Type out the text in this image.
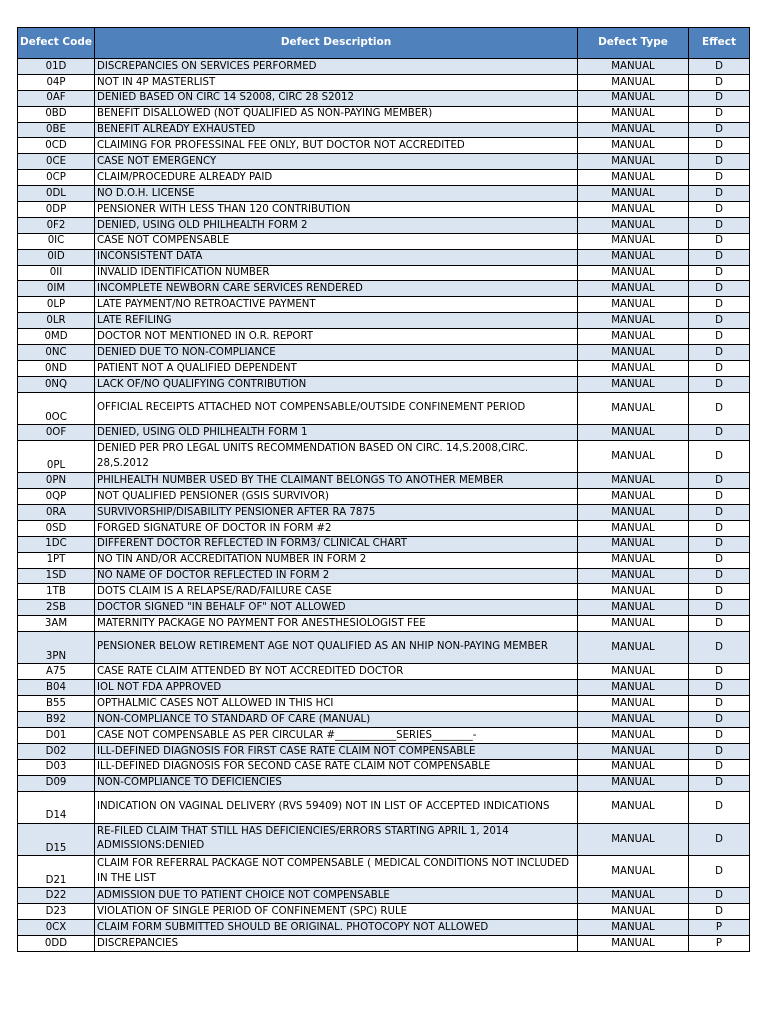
Defect Code	Defect Description	Defect Type	Effect
01D	DISCREPANCIES ON SERVICES PERFORMED	MANUAL	D
04P	NOT IN 4P MASTERLIST	MANUAL	D
0AF	DENIED BASED ON CIRC 14 S2008, CIRC 28 S2012	MANUAL	D
0BD	BENEFIT DISALLOWED (NOT QUALIFIED AS NON-PAYING MEMBER)	MANUAL	D
0BE	BENEFIT ALREADY EXHAUSTED	MANUAL	D
0CD	CLAIMING FOR PROFESSINAL FEE ONLY, BUT DOCTOR NOT ACCREDITED	MANUAL	D
0CE	CASE NOT EMERGENCY	MANUAL	D
0CP	CLAIM/PROCEDURE ALREADY PAID	MANUAL	D
0DL	NO D.O.H. LICENSE	MANUAL	D
0DP	PENSIONER WITH LESS THAN 120 CONTRIBUTION	MANUAL	D
0F2	DENIED, USING OLD PHILHEALTH FORM 2	MANUAL	D
0IC	CASE NOT COMPENSABLE	MANUAL	D
0ID	INCONSISTENT DATA	MANUAL	D
0II	INVALID IDENTIFICATION NUMBER	MANUAL	D
0IM	INCOMPLETE NEWBORN CARE SERVICES RENDERED	MANUAL	D
0LP	LATE PAYMENT/NO RETROACTIVE PAYMENT	MANUAL	D
0LR	LATE REFILING	MANUAL	D
0MD	DOCTOR NOT MENTIONED IN O.R. REPORT	MANUAL	D
0NC	DENIED DUE TO NON-COMPLIANCE	MANUAL	D
0ND	PATIENT NOT A QUALIFIED DEPENDENT	MANUAL	D
0NQ	LACK OF/NO QUALIFYING CONTRIBUTION	MANUAL	D
0OC	OFFICIAL RECEIPTS ATTACHED NOT COMPENSABLE/OUTSIDE CONFINEMENT PERIOD	MANUAL	D
0OF	DENIED, USING OLD PHILHEALTH FORM 1	MANUAL	D
0PL	DENIED PER PRO LEGAL UNITS RECOMMENDATION BASED ON CIRC. 14,S.2008,CIRC. 28,S.2012	MANUAL	D
0PN	PHILHEALTH NUMBER USED BY THE CLAIMANT BELONGS TO ANOTHER MEMBER	MANUAL	D
0QP	NOT QUALIFIED PENSIONER (GSIS SURVIVOR)	MANUAL	D
0RA	SURVIVORSHIP/DISABILITY PENSIONER AFTER RA 7875	MANUAL	D
0SD	FORGED SIGNATURE OF DOCTOR IN FORM #2	MANUAL	D
1DC	DIFFERENT DOCTOR REFLECTED IN FORM3/ CLINICAL CHART	MANUAL	D
1PT	NO TIN AND/OR ACCREDITATION NUMBER IN FORM 2	MANUAL	D
1SD	NO NAME OF DOCTOR REFLECTED IN FORM 2	MANUAL	D
1TB	DOTS CLAIM IS A RELAPSE/RAD/FAILURE CASE	MANUAL	D
2SB	DOCTOR SIGNED "IN BEHALF OF" NOT ALLOWED	MANUAL	D
3AM	MATERNITY PACKAGE NO PAYMENT FOR ANESTHESIOLOGIST FEE	MANUAL	D
3PN	PENSIONER BELOW RETIREMENT AGE NOT QUALIFIED AS AN NHIP NON-PAYING MEMBER	MANUAL	D
A75	CASE RATE CLAIM ATTENDED BY NOT ACCREDITED DOCTOR	MANUAL	D
B04	IOL NOT FDA APPROVED	MANUAL	D
B55	OPTHALMIC CASES NOT ALLOWED IN THIS HCI	MANUAL	D
B92	NON-COMPLIANCE TO STANDARD OF CARE (MANUAL)	MANUAL	D
D01	CASE NOT COMPENSABLE AS PER CIRCULAR #____________SERIES________-	MANUAL	D
D02	ILL-DEFINED DIAGNOSIS FOR FIRST CASE RATE CLAIM NOT COMPENSABLE	MANUAL	D
D03	ILL-DEFINED DIAGNOSIS FOR SECOND CASE RATE CLAIM NOT COMPENSABLE	MANUAL	D
D09	NON-COMPLIANCE TO DEFICIENCIES	MANUAL	D
D14	INDICATION ON VAGINAL DELIVERY (RVS 59409) NOT IN LIST OF ACCEPTED INDICATIONS	MANUAL	D
D15	RE-FILED CLAIM THAT STILL HAS DEFICIENCIES/ERRORS STARTING APRIL 1, 2014 ADMISSIONS:DENIED	MANUAL	D
D21	CLAIM FOR REFERRAL PACKAGE NOT COMPENSABLE ( MEDICAL CONDITIONS NOT INCLUDED IN THE LIST	MANUAL	D
D22	ADMISSION DUE TO PATIENT CHOICE NOT COMPENSABLE	MANUAL	D
D23	VIOLATION OF SINGLE PERIOD OF CONFINEMENT (SPC) RULE	MANUAL	D
0CX	CLAIM FORM SUBMITTED SHOULD BE ORIGINAL. PHOTOCOPY NOT ALLOWED	MANUAL	P
0DD	DISCREPANCIES	MANUAL	P
